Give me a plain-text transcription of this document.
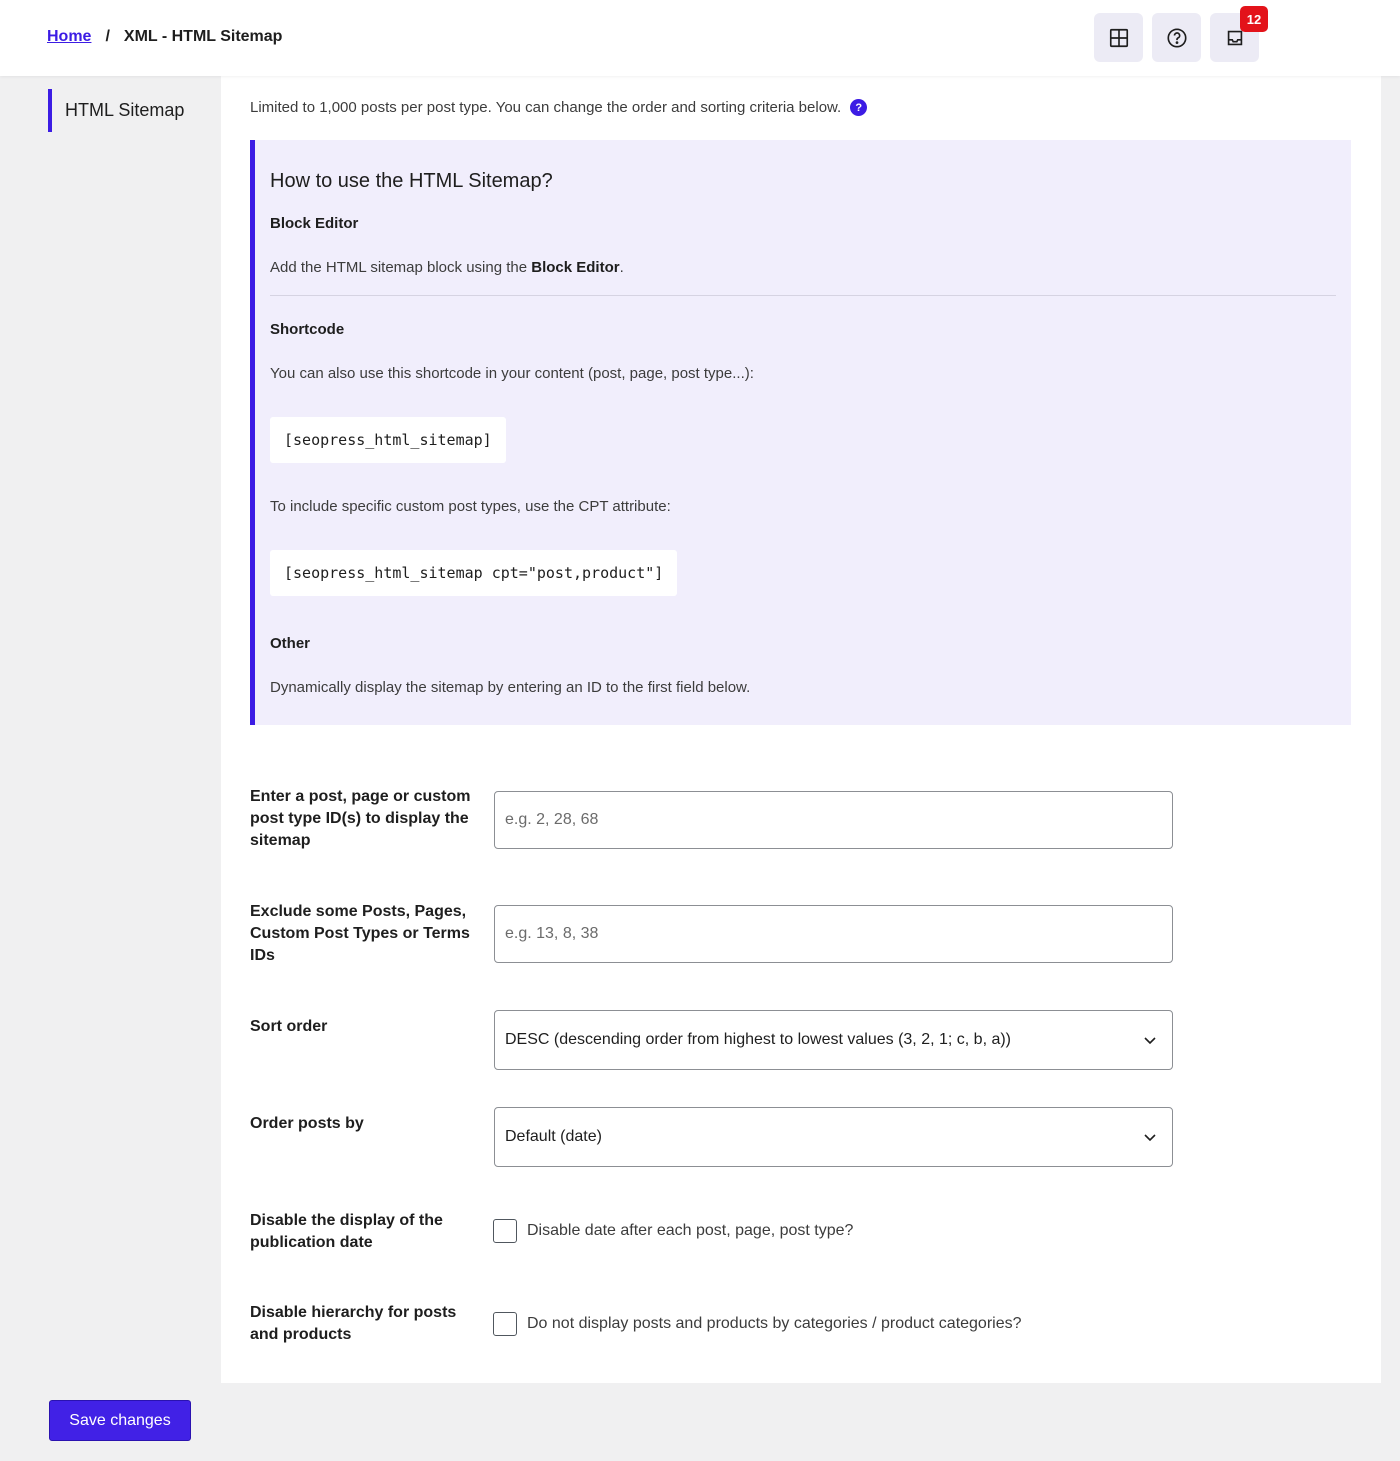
Home / XML - HTML Sitemap
12
HTML Sitemap	Limited to 1,000 posts per post type. You can change the order and sorting criteria below.	?
How to use the HTML Sitemap?
Block Editor
Add the HTML sitemap block using the Block Editor.
Shortcode
You can also use this shortcode in your content (post, page, post type...):
[seopress_html_sitemap]
To include specific custom post types, use the CPT attribute:
[seopress_html_sitemap cpt="post,product"]
Other
Dynamically display the sitemap by entering an ID to the first field below.
Enter a post, page or custom post type ID(s) to display the sitemap
e.g. 2, 28, 68
Exclude some Posts, Pages, Custom Post Types or Terms IDs
e.g. 13, 8, 38
Sort order
DESC (descending order from highest to lowest values (3, 2, 1; c, b, a))
Order posts by
Default (date)
Disable the display of the publication date
Disable date after each post, page, post type?
Disable hierarchy for posts and products
Do not display posts and products by categories / product categories?
Save changes
